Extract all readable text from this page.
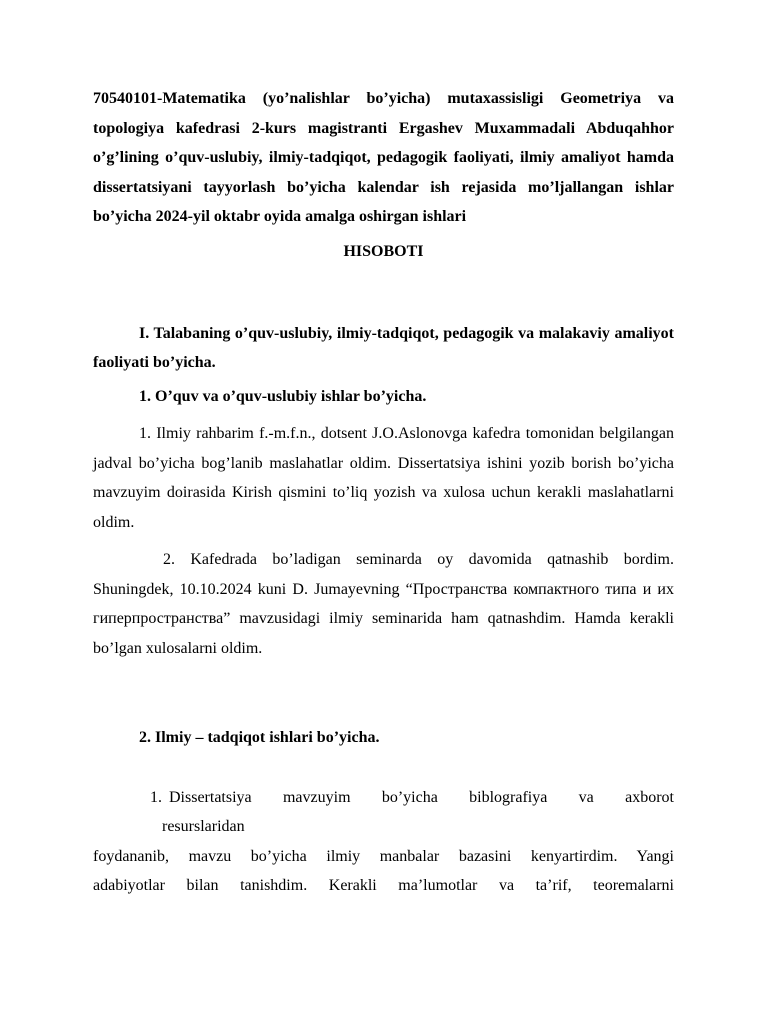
70540101-Matematika (yo’nalishlar bo’yicha) mutaxassisligi Geometriya va topologiya kafedrasi 2-kurs magistranti Ergashev Muxammadali Abduqahhor o’g’lining o’quv-uslubiy, ilmiy-tadqiqot, pedagogik faoliyati, ilmiy amaliyot hamda dissertatsiyani tayyorlash bo’yicha kalendar ish rejasida mo’ljallangan ishlar bo’yicha 2024-yil oktabr oyida amalga oshirgan ishlari

HISOBOTI

I. Talabaning o’quv-uslubiy, ilmiy-tadqiqot, pedagogik va malakaviy amaliyot faoliyati bo’yicha.

1. O’quv va o’quv-uslubiy ishlar bo’yicha.

1. Ilmiy rahbarim f.-m.f.n., dotsent J.O.Aslonovga kafedra tomonidan belgilangan jadval bo’yicha bog’lanib maslahatlar oldim. Dissertatsiya ishini yozib borish bo’yicha mavzuyim doirasida Kirish qismini to’liq yozish va xulosa uchun kerakli maslahatlarni oldim.

2. Kafedrada bo’ladigan seminarda oy davomida qatnashib bordim. Shuningdek, 10.10.2024 kuni D. Jumayevning “Пространства компактного типа и их гиперпространства” mavzusidagi ilmiy seminarida ham qatnashdim. Hamda kerakli bo’lgan xulosalarni oldim.

2. Ilmiy – tadqiqot ishlari bo’yicha.

1. Dissertatsiya mavzuyim bo’yicha biblografiya va axborot
resurslaridan

foydananib, mavzu bo’yicha ilmiy manbalar bazasini kenyartirdim. Yangi

adabiyotlar bilan tanishdim. Kerakli ma’lumotlar va ta’rif, teoremalarni
